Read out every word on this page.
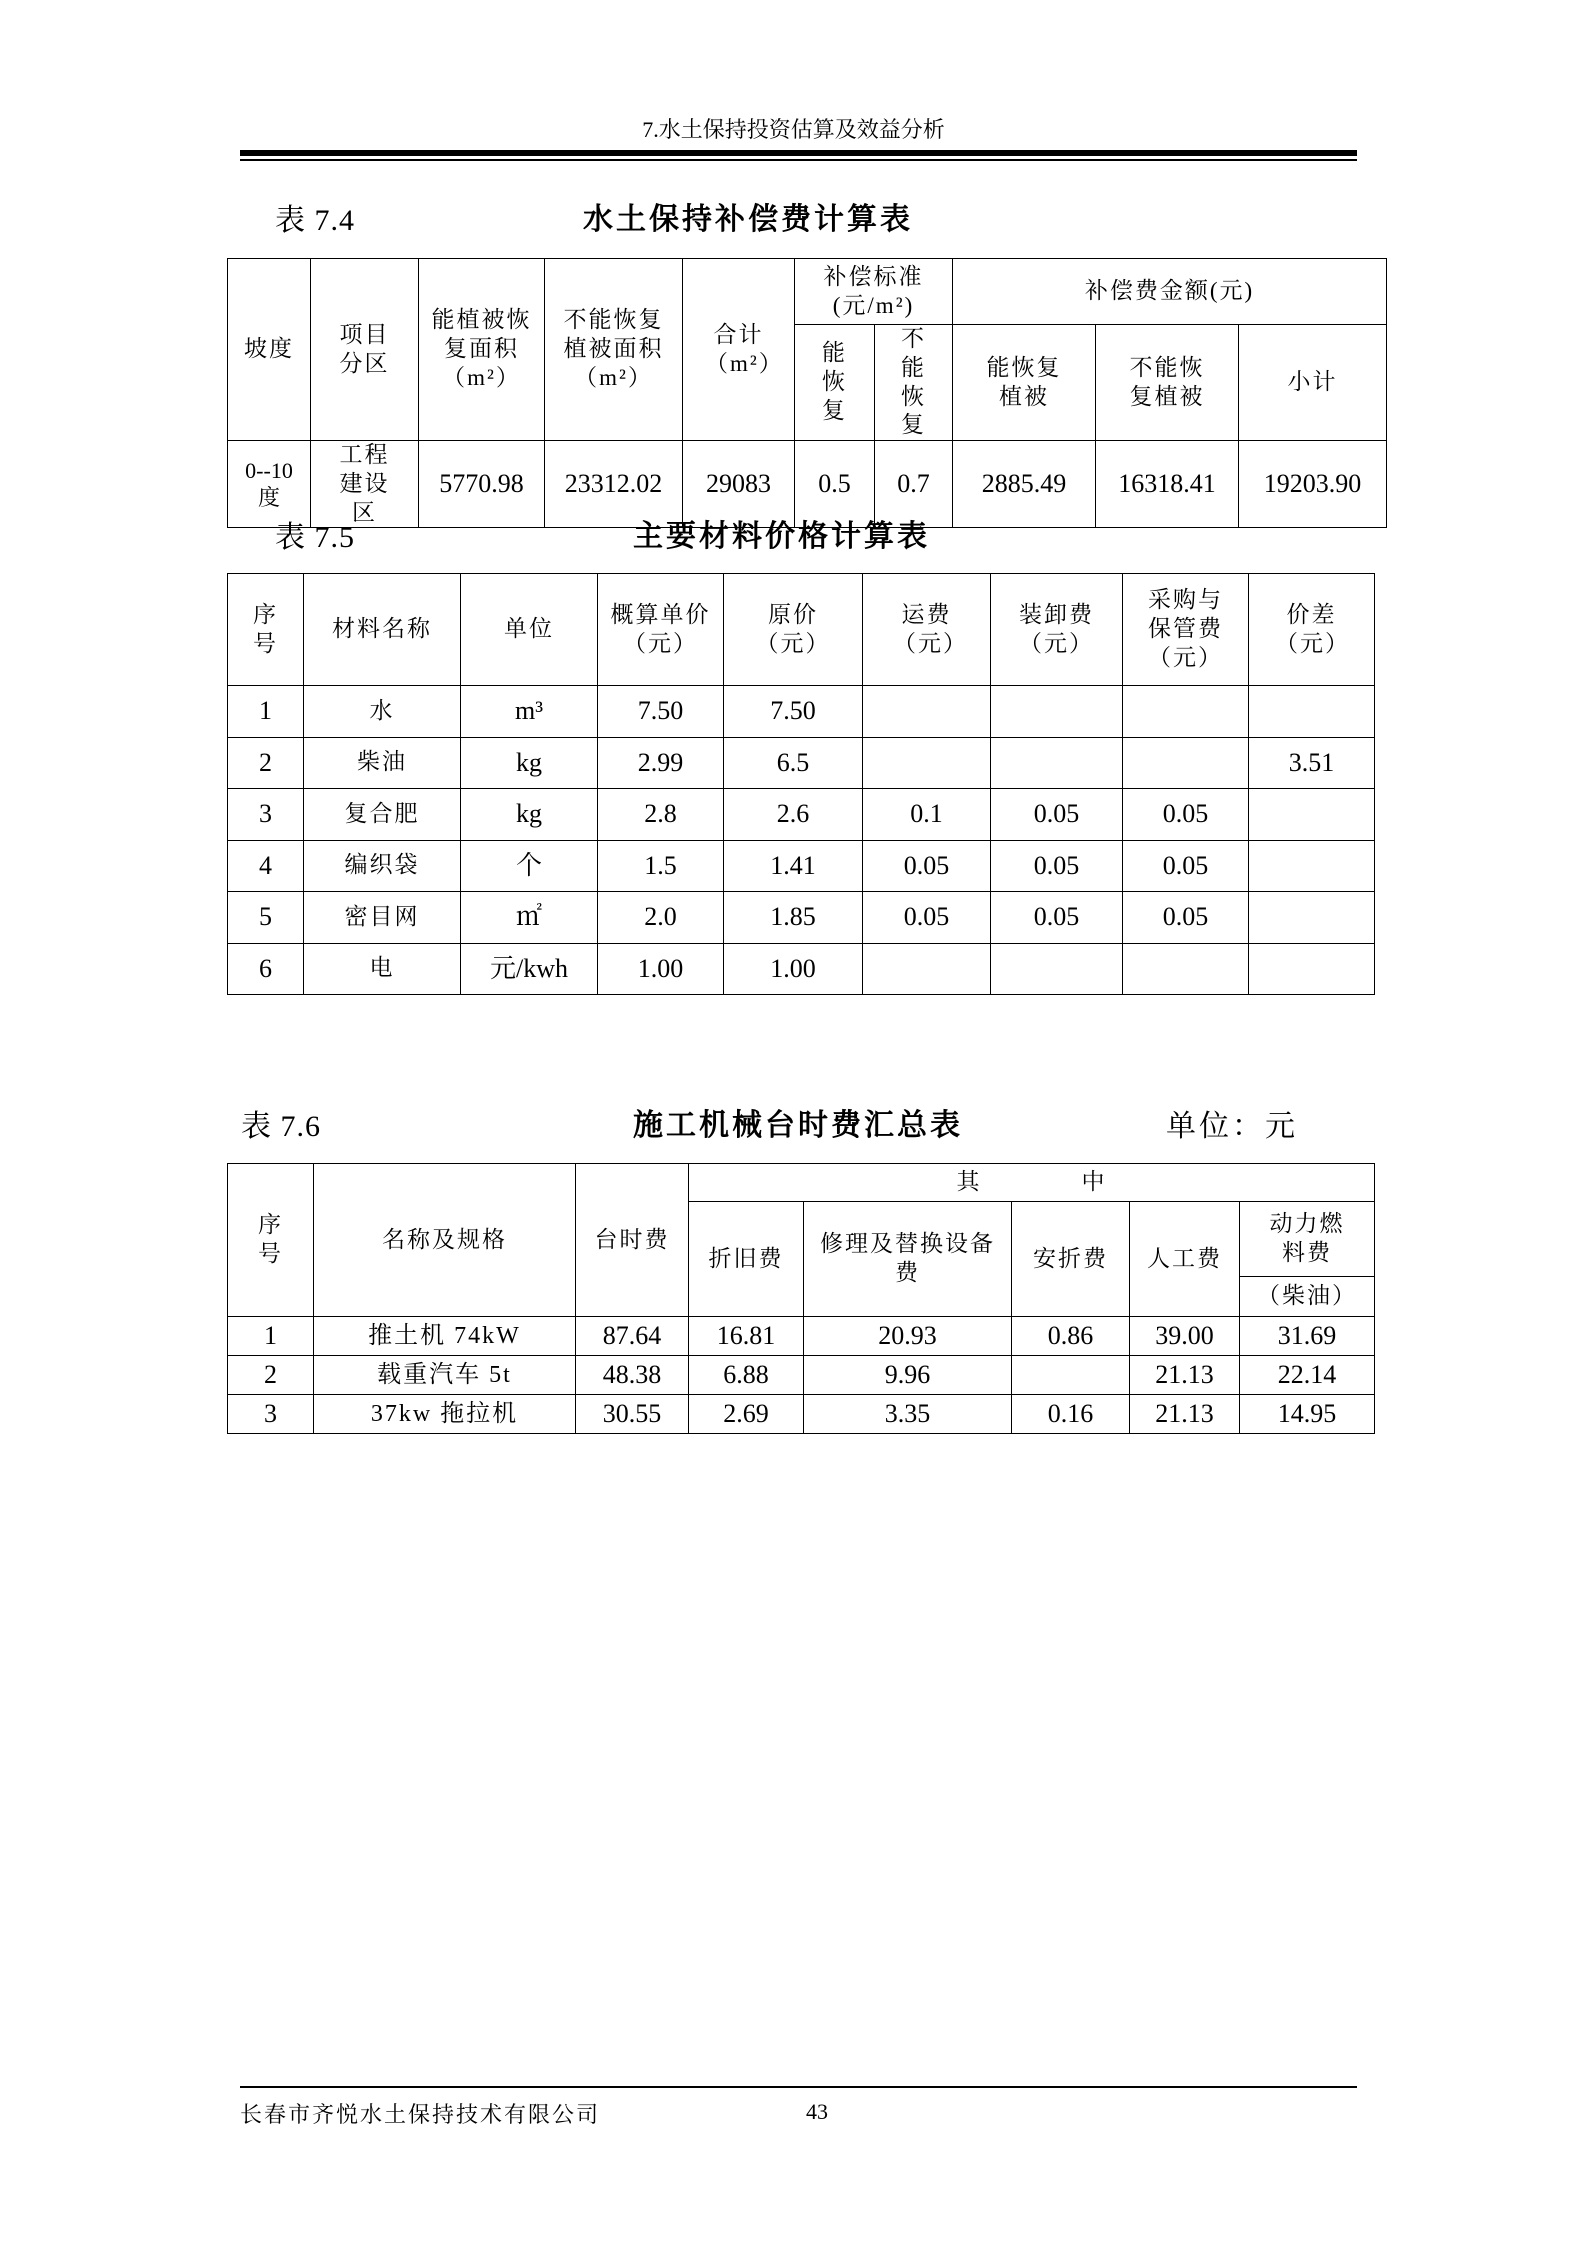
7.水土保持投资估算及效益分析
表 7.4	水土保持补偿费计算表
坡度	项目分区	能植被恢复面积（m²）	不能恢复植被面积（m²）	合计（m²）	补偿标准(元/m²)		补偿费金额(元)		
					能恢复	不能恢复	能恢复植被	不能恢复植被	小计
0--10度	工程建设区	5770.98	23312.02	29083	0.5	0.7	2885.49	16318.41	19203.90
表 7.5	主要材料价格计算表
序号	材料名称	单位	概算单价（元）	原价（元）	运费（元）	装卸费（元）	采购与保管费（元）	价差（元）
1	水	m³	7.50	7.50				
2	柴油	kg	2.99	6.5				3.51
3	复合肥	kg	2.8	2.6	0.1	0.05	0.05	
4	编织袋	个	1.5	1.41	0.05	0.05	0.05	
5	密目网	㎡	2.0	1.85	0.05	0.05	0.05	
6	电	元/kwh	1.00	1.00				
表 7.6	施工机械台时费汇总表	单位：元
序号	名称及规格	台时费	其　　　　中				
			折旧费	修理及替换设备费	安折费	人工费	动力燃料费
							（柴油）
1	推土机 74kW	87.64	16.81	20.93	0.86	39.00	31.69
2	载重汽车 5t	48.38	6.88	9.96		21.13	22.14
3	37kw 拖拉机	30.55	2.69	3.35	0.16	21.13	14.95
长春市齐悦水土保持技术有限公司	43
